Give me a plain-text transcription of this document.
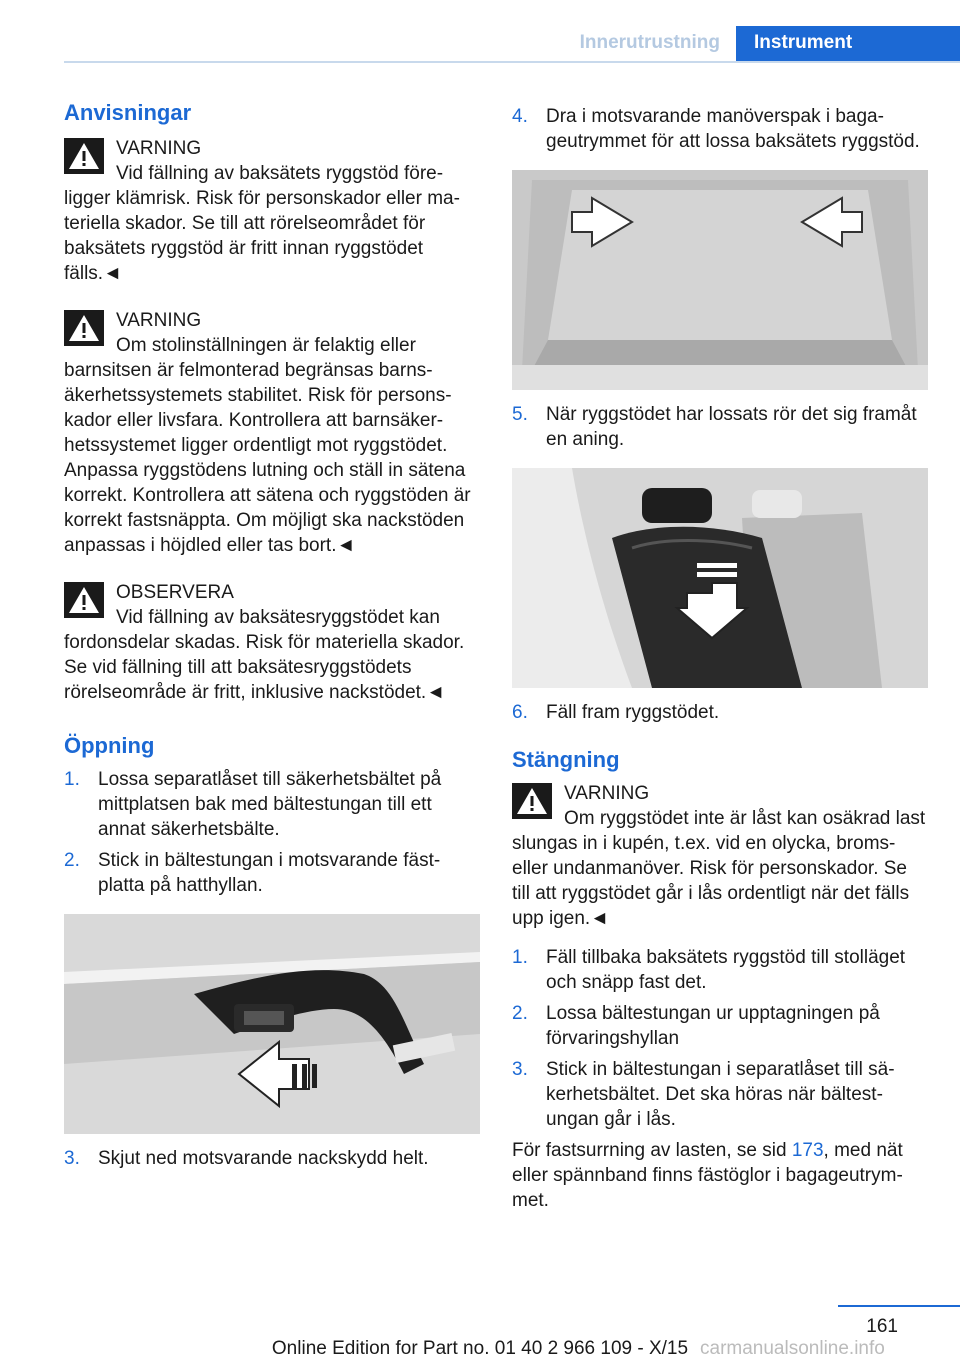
Innerutrustning	Instrument
Anvisningar
VARNING

Vid fällning av baksätets ryggstöd föreligger klämrisk. Risk för personskador eller materiella skador. Se till att rörelseområdet för baksätets ryggstöd är fritt innan ryggstödet fälls.◄

VARNING

Om stolinställningen är felaktig eller barnsitsen är felmonterad begränsas barnsäkerhetssystemets stabilitet. Risk för personskador eller livsfara. Kontrollera att barnsäkerhetssystemet ligger ordentligt mot ryggstödet. Anpassa ryggstödens lutning och ställ in sätena korrekt. Kontrollera att sätena och ryggstöden är korrekt fastsnäppta. Om möjligt ska nackstöden anpassas i höjdled eller tas bort.◄

OBSERVERA

Vid fällning av baksätesryggstödet kan fordonsdelar skadas. Risk för materiella skador. Se vid fällning till att baksätesryggstödets rörelseområde är fritt, inklusive nackstödet.◄

Öppning
1. Lossa separatlåset till säkerhetsbältet på mittplatsen bak med bältestungan till ett annat säkerhetsbälte.
2. Stick in bältestungan i motsvarande fästplatta på hatthyllan.
3. Skjut ned motsvarande nackskydd helt.
4. Dra i motsvarande manöverspak i bagageutrymmet för att lossa baksätets ryggstöd.
5. När ryggstödet har lossats rör det sig framåt en aning.
6. Fäll fram ryggstödet.
Stängning
VARNING

Om ryggstödet inte är låst kan osäkrad last slungas in i kupén, t.ex. vid en olycka, broms- eller undanmanöver. Risk för personskador. Se till att ryggstödet går i lås ordentligt när det fälls upp igen.◄

1. Fäll tillbaka baksätets ryggstöd till stolläget och snäpp fast det.
2. Lossa bältestungan ur upptagningen på förvaringshyllan
3. Stick in bältestungan i separatlåset till säkerhetsbältet. Det ska höras när bältestungan går i lås.

För fastsurrning av lasten, se sid 173, med nät eller spännband finns fästöglor i bagageutrymmet.

161
Online Edition for Part no. 01 40 2 966 109 - X/15 carmanualsonline.info
